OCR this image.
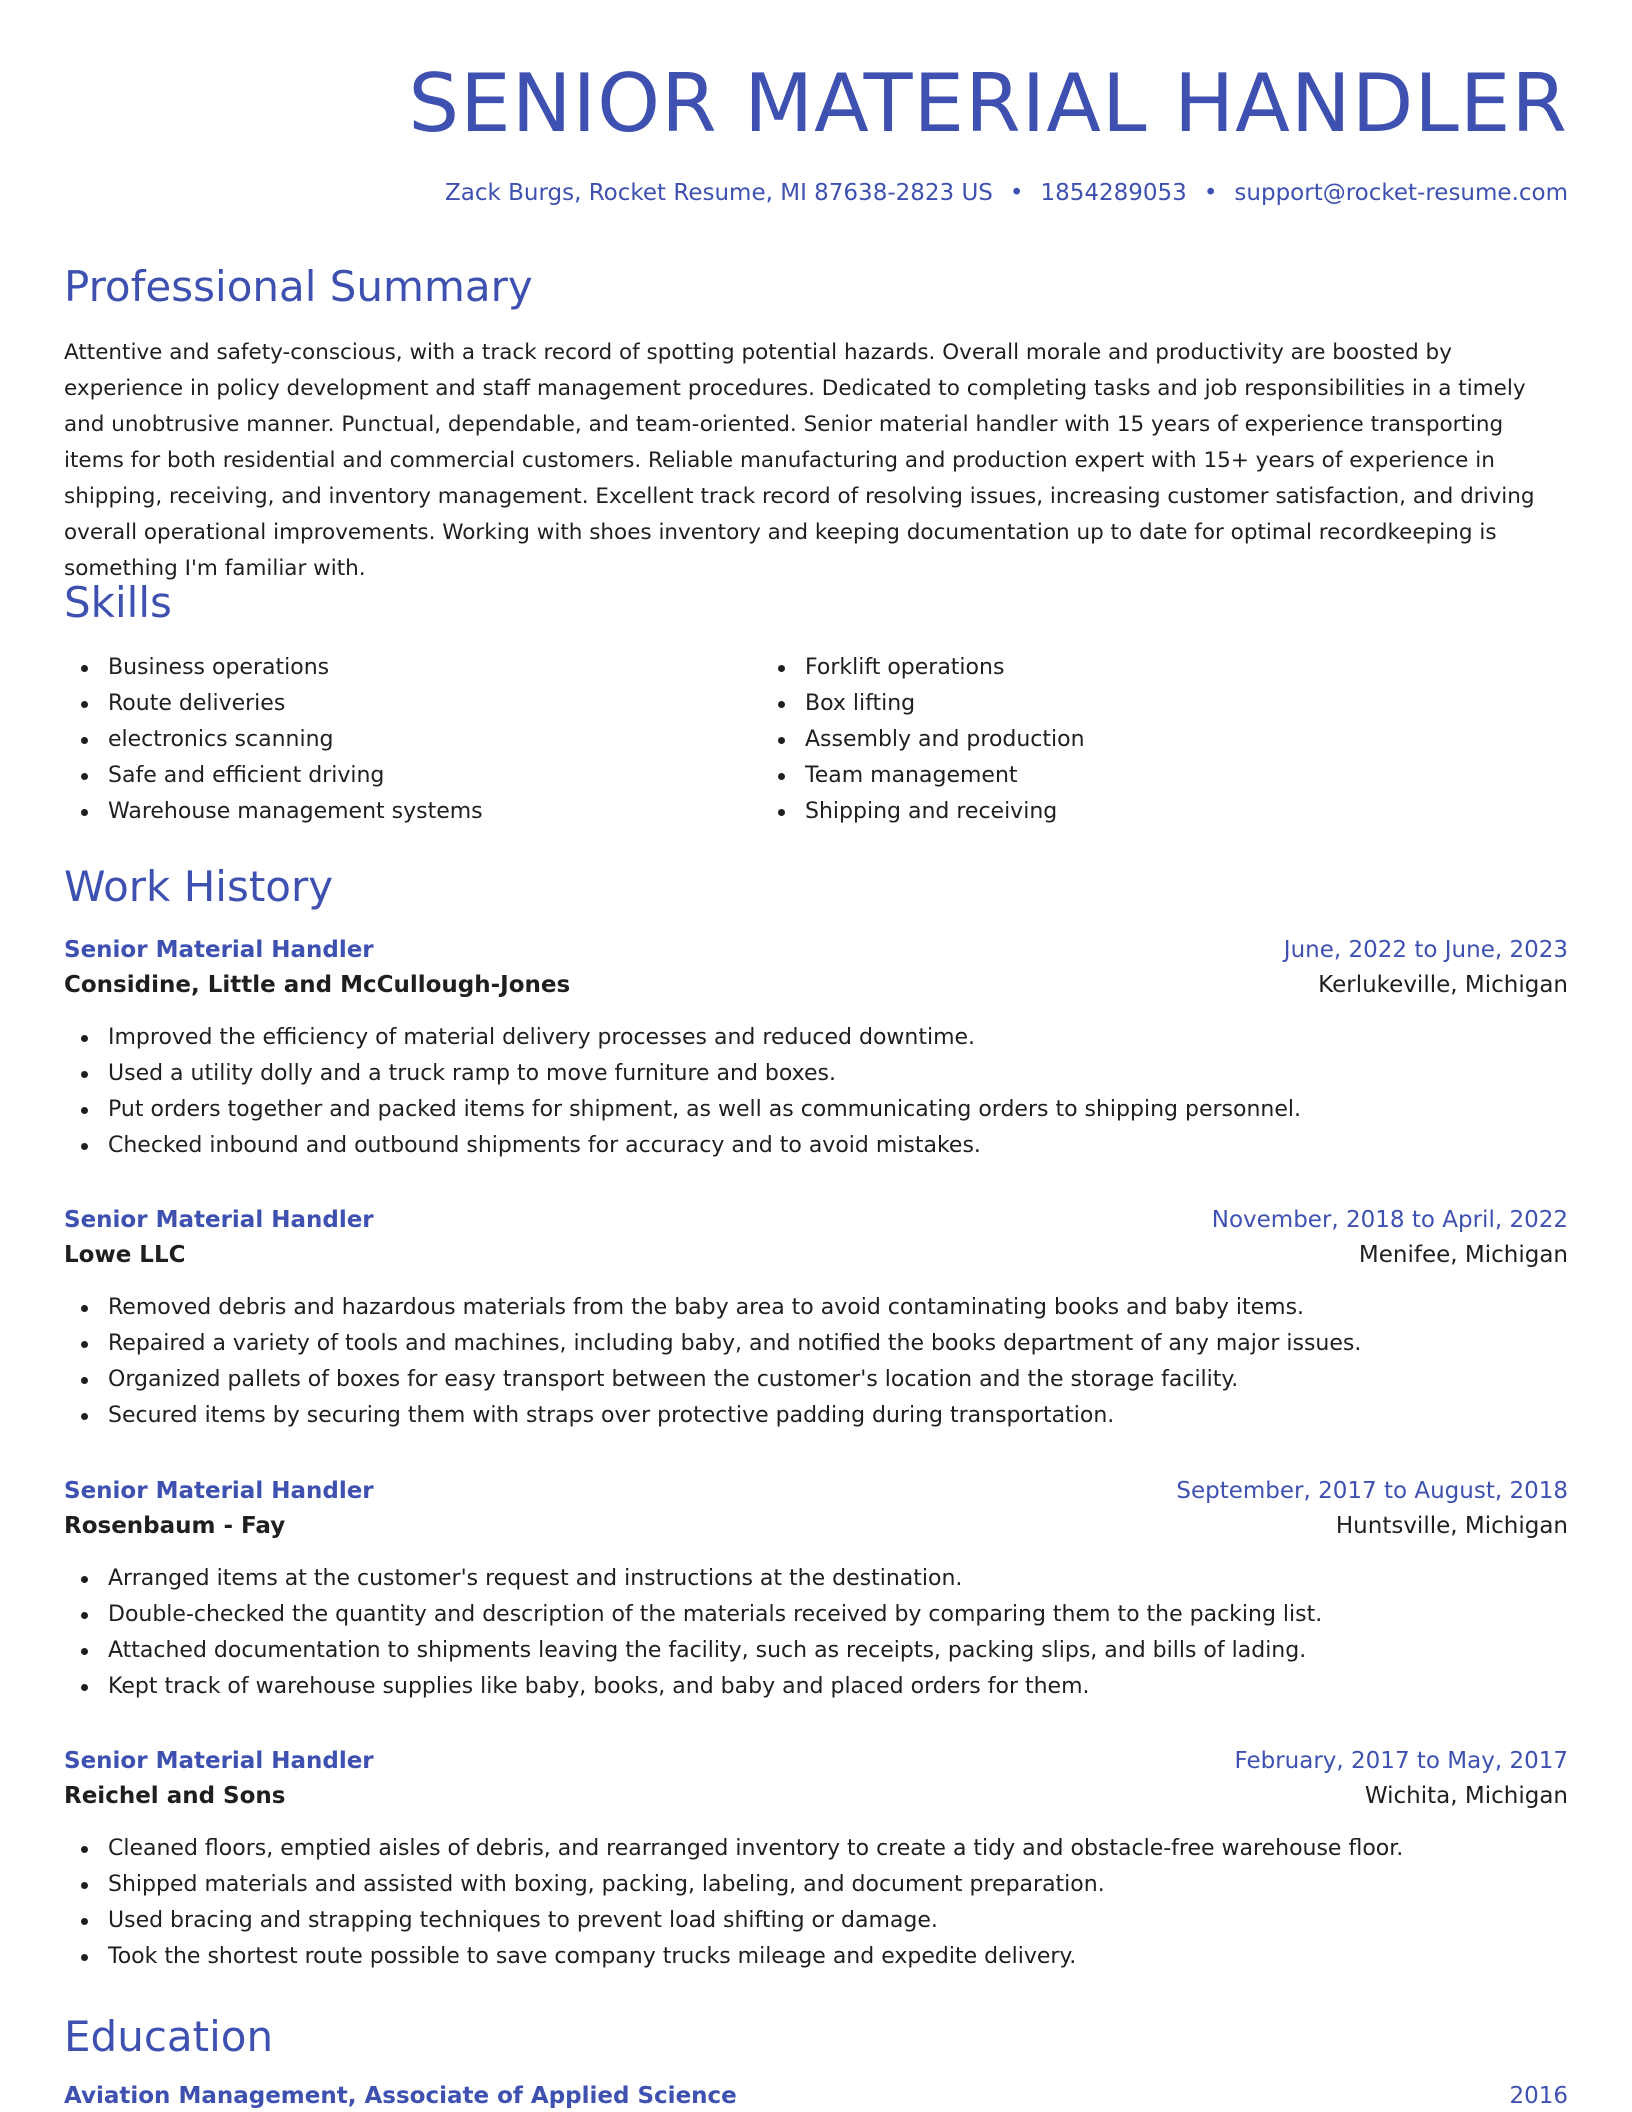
SENIOR MATERIAL HANDLER
Zack Burgs, Rocket Resume, MI 87638-2823 US • 1854289053 • support@rocket-resume.com
Professional Summary
Attentive and safety-conscious, with a track record of spotting potential hazards. Overall morale and productivity are boosted by experience in policy development and staff management procedures. Dedicated to completing tasks and job responsibilities in a timely and unobtrusive manner. Punctual, dependable, and team-oriented. Senior material handler with 15 years of experience transporting items for both residential and commercial customers. Reliable manufacturing and production expert with 15+ years of experience in shipping, receiving, and inventory management. Excellent track record of resolving issues, increasing customer satisfaction, and driving overall operational improvements. Working with shoes inventory and keeping documentation up to date for optimal recordkeeping is something I'm familiar with.
Skills
Business operations
Route deliveries
electronics scanning
Safe and efficient driving
Warehouse management systems
Forklift operations
Box lifting
Assembly and production
Team management
Shipping and receiving
Work History
Senior Material Handler	June, 2022 to June, 2023
Considine, Little and McCullough-Jones	Kerlukeville, Michigan
Improved the efficiency of material delivery processes and reduced downtime.
Used a utility dolly and a truck ramp to move furniture and boxes.
Put orders together and packed items for shipment, as well as communicating orders to shipping personnel.
Checked inbound and outbound shipments for accuracy and to avoid mistakes.
Senior Material Handler	November, 2018 to April, 2022
Lowe LLC	Menifee, Michigan
Removed debris and hazardous materials from the baby area to avoid contaminating books and baby items.
Repaired a variety of tools and machines, including baby, and notified the books department of any major issues.
Organized pallets of boxes for easy transport between the customer's location and the storage facility.
Secured items by securing them with straps over protective padding during transportation.
Senior Material Handler	September, 2017 to August, 2018
Rosenbaum - Fay	Huntsville, Michigan
Arranged items at the customer's request and instructions at the destination.
Double-checked the quantity and description of the materials received by comparing them to the packing list.
Attached documentation to shipments leaving the facility, such as receipts, packing slips, and bills of lading.
Kept track of warehouse supplies like baby, books, and baby and placed orders for them.
Senior Material Handler	February, 2017 to May, 2017
Reichel and Sons	Wichita, Michigan
Cleaned floors, emptied aisles of debris, and rearranged inventory to create a tidy and obstacle-free warehouse floor.
Shipped materials and assisted with boxing, packing, labeling, and document preparation.
Used bracing and strapping techniques to prevent load shifting or damage.
Took the shortest route possible to save company trucks mileage and expedite delivery.
Education
Aviation Management, Associate of Applied Science	2016
